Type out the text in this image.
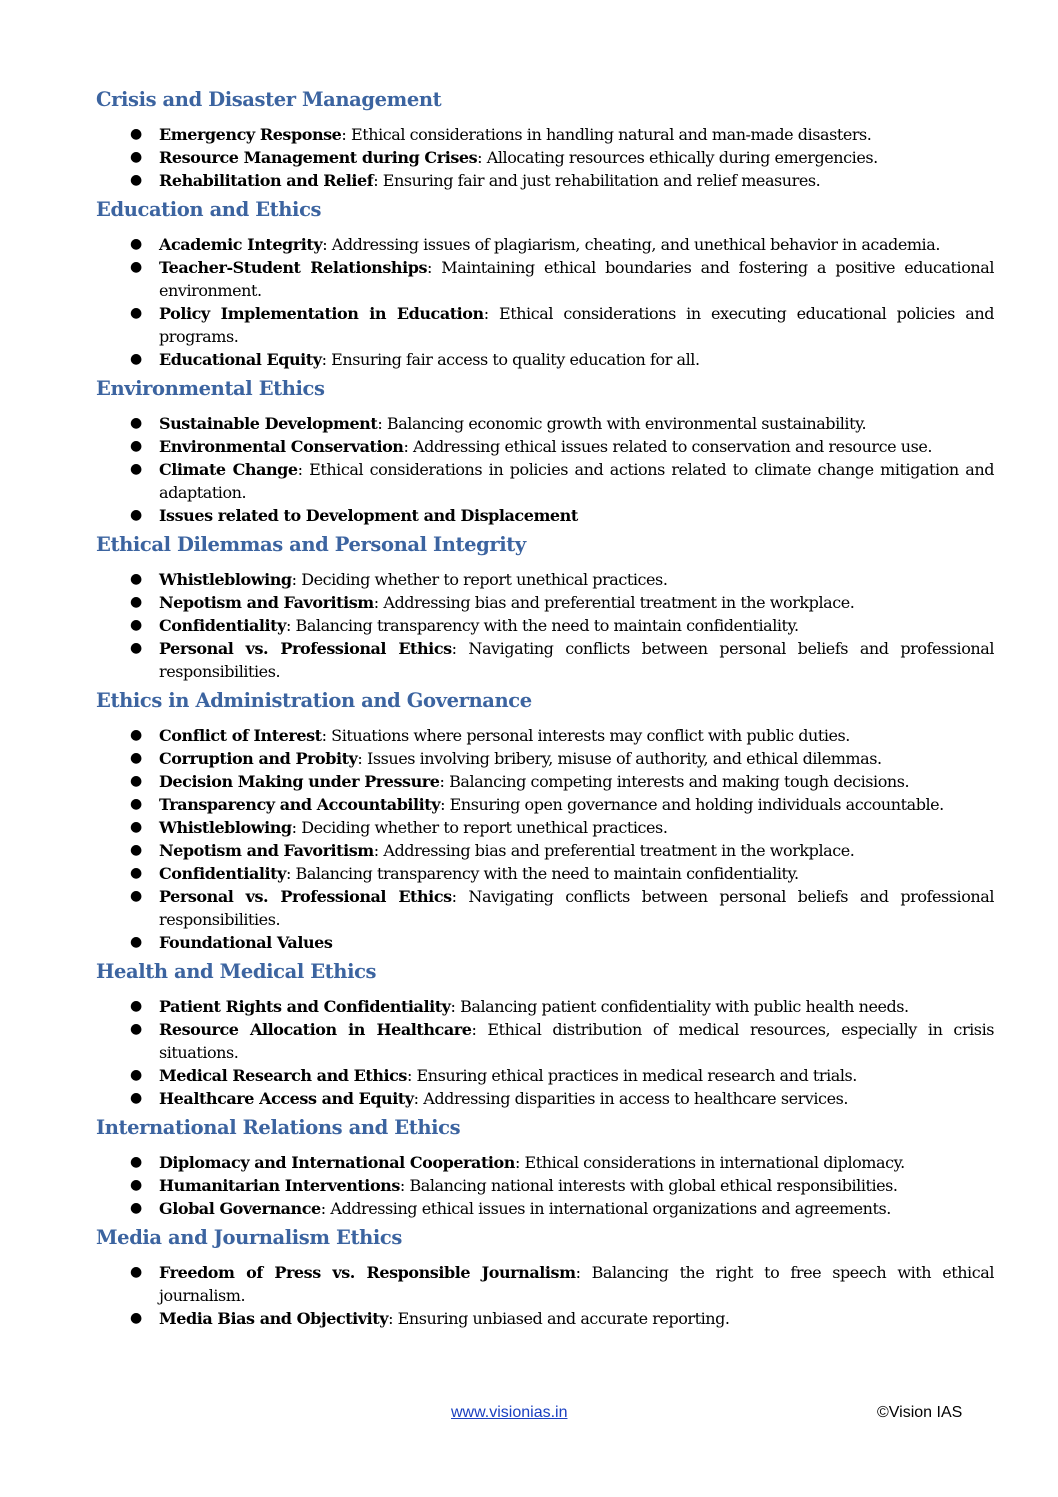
Crisis and Disaster Management
● Emergency Response: Ethical considerations in handling natural and man-made disasters.
● Resource Management during Crises: Allocating resources ethically during emergencies.
● Rehabilitation and Relief: Ensuring fair and just rehabilitation and relief measures.
Education and Ethics
● Academic Integrity: Addressing issues of plagiarism, cheating, and unethical behavior in academia.
● Teacher-Student Relationships: Maintaining ethical boundaries and fostering a positive educational environment.
● Policy Implementation in Education: Ethical considerations in executing educational policies and programs.
● Educational Equity: Ensuring fair access to quality education for all.
Environmental Ethics
● Sustainable Development: Balancing economic growth with environmental sustainability.
● Environmental Conservation: Addressing ethical issues related to conservation and resource use.
● Climate Change: Ethical considerations in policies and actions related to climate change mitigation and adaptation.
● Issues related to Development and Displacement
Ethical Dilemmas and Personal Integrity
● Whistleblowing: Deciding whether to report unethical practices.
● Nepotism and Favoritism: Addressing bias and preferential treatment in the workplace.
● Confidentiality: Balancing transparency with the need to maintain confidentiality.
● Personal vs. Professional Ethics: Navigating conflicts between personal beliefs and professional responsibilities.
Ethics in Administration and Governance
● Conflict of Interest: Situations where personal interests may conflict with public duties.
● Corruption and Probity: Issues involving bribery, misuse of authority, and ethical dilemmas.
● Decision Making under Pressure: Balancing competing interests and making tough decisions.
● Transparency and Accountability: Ensuring open governance and holding individuals accountable.
● Whistleblowing: Deciding whether to report unethical practices.
● Nepotism and Favoritism: Addressing bias and preferential treatment in the workplace.
● Confidentiality: Balancing transparency with the need to maintain confidentiality.
● Personal vs. Professional Ethics: Navigating conflicts between personal beliefs and professional responsibilities.
● Foundational Values
Health and Medical Ethics
● Patient Rights and Confidentiality: Balancing patient confidentiality with public health needs.
● Resource Allocation in Healthcare: Ethical distribution of medical resources, especially in crisis situations.
● Medical Research and Ethics: Ensuring ethical practices in medical research and trials.
● Healthcare Access and Equity: Addressing disparities in access to healthcare services.
International Relations and Ethics
● Diplomacy and International Cooperation: Ethical considerations in international diplomacy.
● Humanitarian Interventions: Balancing national interests with global ethical responsibilities.
● Global Governance: Addressing ethical issues in international organizations and agreements.
Media and Journalism Ethics
● Freedom of Press vs. Responsible Journalism: Balancing the right to free speech with ethical journalism.
● Media Bias and Objectivity: Ensuring unbiased and accurate reporting.
www.visionias.in	©Vision IAS
